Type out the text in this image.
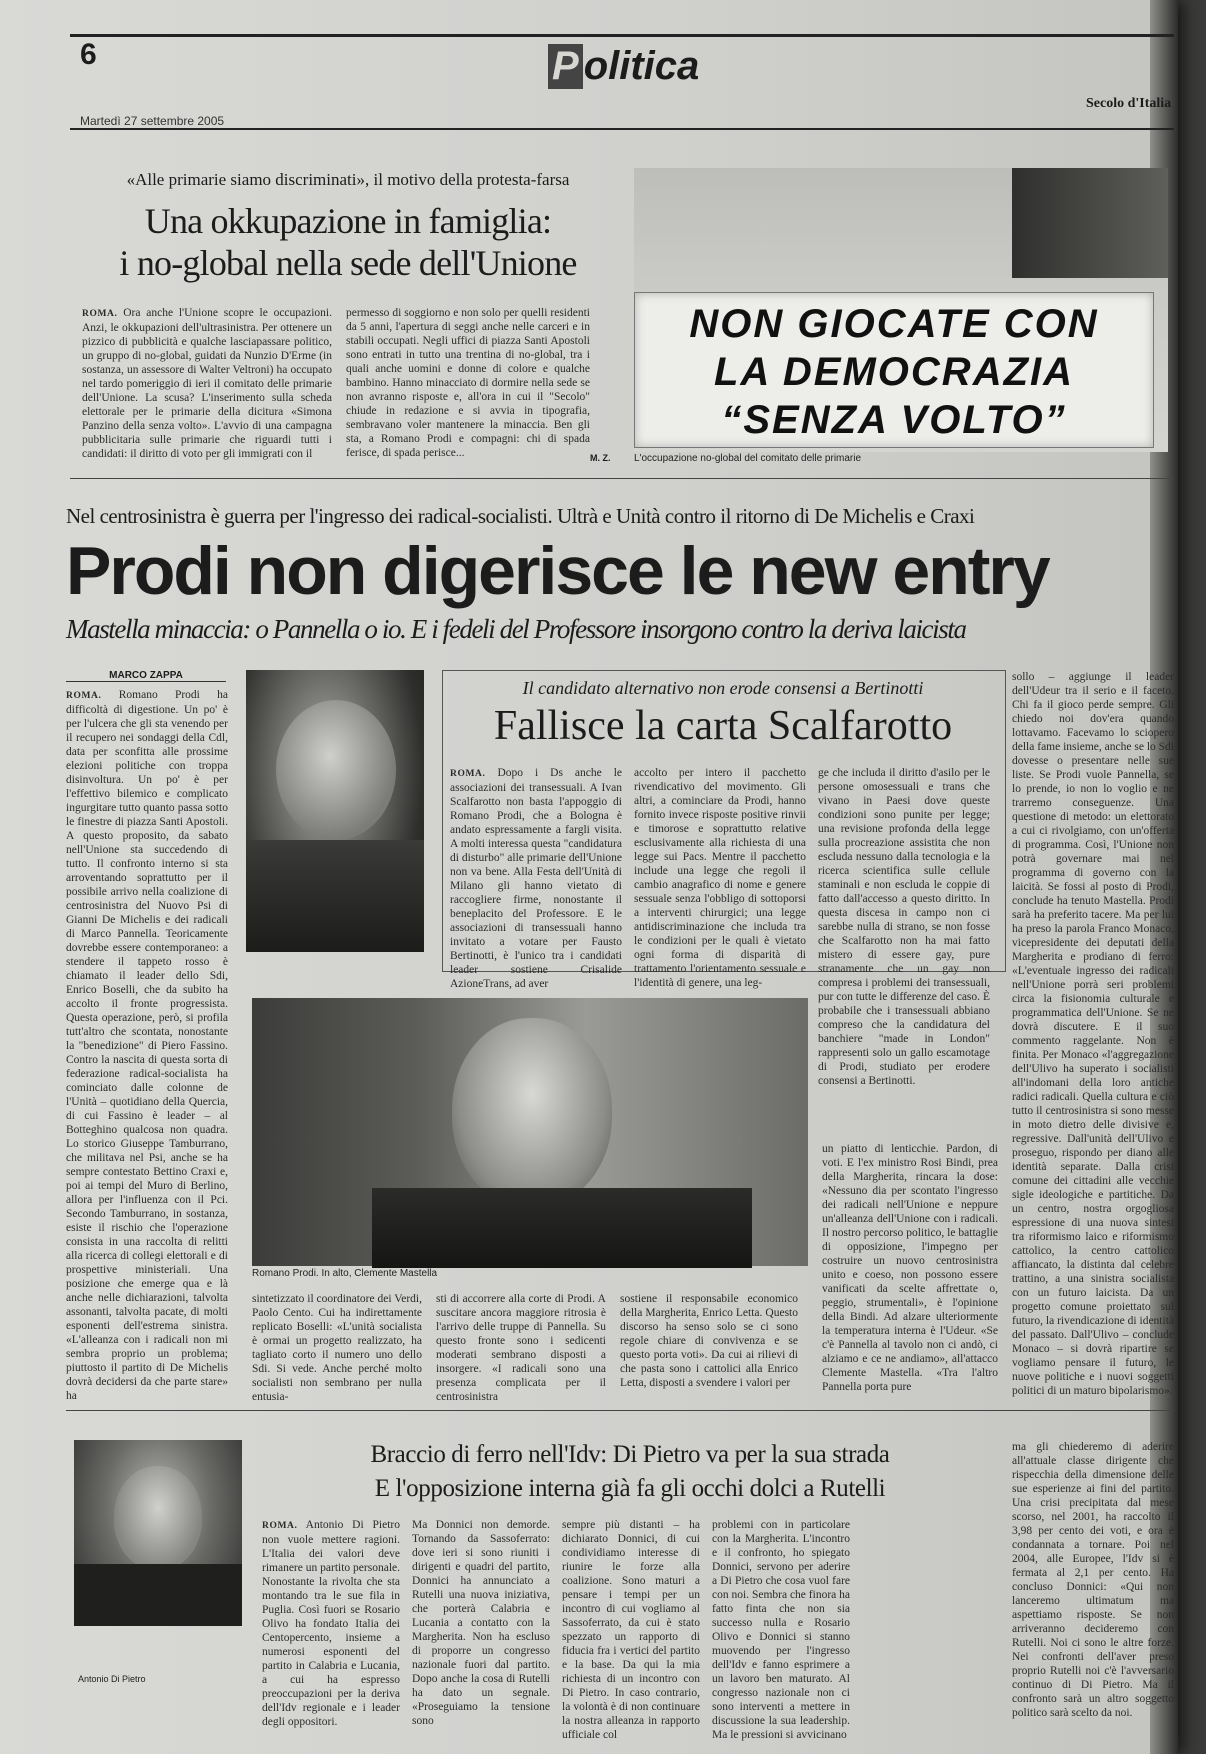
6	P olitica
Martedì 27 settembre 2005
Secolo d'Italia
«Alle primarie siamo discriminati», il motivo della protesta-farsa
Una okkupazione in famiglia:
i no-global nella sede dell'Unione

ROMA. Ora anche l'Unione scopre le occupazioni. Anzi, le okkupazioni dell'ultrasinistra. Per ottenere un pizzico di pubblicità e qualche lasciapassare politico, un gruppo di no-global, guidati da Nunzio D'Erme (in sostanza, un assessore di Walter Veltroni) ha occupato nel tardo pomeriggio di ieri il comitato delle primarie dell'Unione. La scusa? L'inserimento sulla scheda elettorale per le primarie della dicitura «Simona Panzino della senza volto». L'avvio di una campagna pubblicitaria sulle primarie che riguardi tutti i candidati: il diritto di voto per gli immigrati con il

permesso di soggiorno e non solo per quelli residenti da 5 anni, l'apertura di seggi anche nelle carceri e in stabili occupati. Negli uffici di piazza Santi Apostoli sono entrati in tutto una trentina di no-global, tra i quali anche uomini e donne di colore e qualche bambino. Hanno minacciato di dormire nella sede se non avranno risposte e, all'ora in cui il "Secolo" chiude in redazione e si avvia in tipografia, sembravano voler mantenere la minaccia. Ben gli sta, a Romano Prodi e compagni: chi di spada ferisce, di spada perisce...	M. Z.
NON GIOCATE CON
LA DEMOCRAZIA
“SENZA VOLTO”
L'occupazione no-global del comitato delle primarie
Nel centrosinistra è guerra per l'ingresso dei radical-socialisti. Ultrà e Unità contro il ritorno di De Michelis e Craxi
Prodi non digerisce le new entry
Mastella minaccia: o Pannella o io. E i fedeli del Professore insorgono contro la deriva laicista
MARCO ZAPPA

ROMA. Romano Prodi ha difficoltà di digestione. Un po' è per l'ulcera che gli sta venendo per il recupero nei sondaggi della Cdl, data per sconfitta alle prossime elezioni politiche con troppa disinvoltura. Un po' è per l'effettivo bilemico e complicato ingurgitare tutto quanto passa sotto le finestre di piazza Santi Apostoli. A questo proposito, da sabato nell'Unione sta succedendo di tutto. Il confronto interno si sta arroventando soprattutto per il possibile arrivo nella coalizione di centrosinistra del Nuovo Psi di Gianni De Michelis e dei radicali di Marco Pannella. Teoricamente dovrebbe essere contemporaneo: a stendere il tappeto rosso è chiamato il leader dello Sdi, Enrico Boselli, che da subito ha accolto il fronte progressista. Questa operazione, però, si profila tutt'altro che scontata, nonostante la "benedizione" di Piero Fassino. Contro la nascita di questa sorta di federazione radical-socialista ha cominciato dalle colonne de l'Unità – quotidiano della Quercia, di cui Fassino è leader – al Botteghino qualcosa non quadra. Lo storico Giuseppe Tamburrano, che militava nel Psi, anche se ha sempre contestato Bettino Craxi e, poi ai tempi del Muro di Berlino, allora per l'influenza con il Pci. Secondo Tamburrano, in sostanza, esiste il rischio che l'operazione consista in una raccolta di relitti alla ricerca di collegi elettorali e di prospettive ministeriali. Una posizione che emerge qua e là anche nelle dichiarazioni, talvolta assonanti, talvolta pacate, di molti esponenti dell'estrema sinistra. «L'alleanza con i radicali non mi sembra proprio un problema; piuttosto il partito di De Michelis dovrà decidersi da che parte stare» ha

Il candidato alternativo non erode consensi a Bertinotti
Fallisce la carta Scalfarotto

ROMA. Dopo i Ds anche le associazioni dei transessuali. A Ivan Scalfarotto non basta l'appoggio di Romano Prodi, che a Bologna è andato espressamente a fargli visita. A molti interessa questa "candidatura di disturbo" alle primarie dell'Unione non va bene. Alla Festa dell'Unità di Milano gli hanno vietato di raccogliere firme, nonostante il beneplacito del Professore. E le associazioni di transessuali hanno invitato a votare per Fausto Bertinotti, è l'unico tra i candidati leader sostiene Crisalide AzioneTrans, ad aver

accolto per intero il pacchetto rivendicativo del movimento. Gli altri, a cominciare da Prodi, hanno fornito invece risposte positive rinvii e timorose e soprattutto relative esclusivamente alla richiesta di una legge sui Pacs. Mentre il pacchetto include una legge che regoli il cambio anagrafico di nome e genere sessuale senza l'obbligo di sottoporsi a interventi chirurgici; una legge antidiscriminazione che includa tra le condizioni per le quali è vietato ogni forma di disparità di trattamento l'orientamento sessuale e l'identità di genere, una leg-

ge che includa il diritto d'asilo per le persone omosessuali e trans che vivano in Paesi dove queste condizioni sono punite per legge; una revisione profonda della legge sulla procreazione assistita che non escluda nessuno dalla tecnologia e la ricerca scientifica sulle cellule staminali e non escluda le coppie di fatto dall'accesso a questo diritto. In questa discesa in campo non ci sarebbe nulla di strano, se non fosse che Scalfarotto non ha mai fatto mistero di essere gay, pure stranamente che un gay non compresa i problemi dei transessuali, pur con tutte le differenze del caso. È probabile che i transessuali abbiano compreso che la candidatura del banchiere "made in London" rappresenti solo un gallo escamotage di Prodi, studiato per erodere consensi a Bertinotti.

Romano Prodi. In alto, Clemente Mastella

sintetizzato il coordinatore dei Verdi, Paolo Cento. Cui ha indirettamente replicato Boselli: «L'unità socialista è ormai un progetto realizzato, ha tagliato corto il numero uno dello Sdi. Si vede. Anche perché molto socialisti non sembrano per nulla entusia-

sti di accorrere alla corte di Prodi. A suscitare ancora maggiore ritrosia è l'arrivo delle truppe di Pannella. Su questo fronte sono i sedicenti moderati sembrano disposti a insorgere. «I radicali sono una presenza complicata per il centrosinistra

sostiene il responsabile economico della Margherita, Enrico Letta. Questo discorso ha senso solo se ci sono regole chiare di convivenza e se questo porta voti». Da cui ai rilievi di che pasta sono i cattolici alla Enrico Letta, disposti a svendere i valori per

un piatto di lenticchie. Pardon, di voti. E l'ex ministro Rosi Bindi, prea della Margherita, rincara la dose: «Nessuno dia per scontato l'ingresso dei radicali nell'Unione e neppure un'alleanza dell'Unione con i radicali. Il nostro percorso politico, le battaglie di opposizione, l'impegno per costruire un nuovo centrosinistra unito e coeso, non possono essere vanificati da scelte affrettate o, peggio, strumentali», è l'opinione della Bindi. Ad alzare ulteriormente la temperatura interna è l'Udeur. «Se c'è Pannella al tavolo non ci andò, ci alziamo e ce ne andiamo», all'attacco Clemente Mastella. «Tra l'altro Pannella porta pure

sollo – aggiunge il leader dell'Udeur tra il serio e il faceto. Chi fa il gioco perde sempre. Gli chiedo noi dov'era quando lottavamo. Facevamo lo sciopero della fame insieme, anche se lo Sdi dovesse o presentare nelle sue liste. Se Prodi vuole Pannella, se lo prende, io non lo voglio e ne trarremo conseguenze. Una questione di metodo: un elettorato a cui ci rivolgiamo, con un'offerta di programma. Così, l'Unione non potrà governare mai nel programma di governo con la laicità. Se fossi al posto di Prodi, conclude ha tenuto Mastella. Prodi sarà ha preferito tacere. Ma per lui ha preso la parola Franco Monaco, vicepresidente dei deputati della Margherita e prodiano di ferro: «L'eventuale ingresso dei radicali nell'Unione porrà seri problemi circa la fisionomia culturale e programmatica dell'Unione. Se ne dovrà discutere. E il suo commento raggelante. Non è finita. Per Monaco «l'aggregazione dell'Ulivo ha superato i socialisti all'indomani della loro antiche radici radicali. Quella cultura e ciò tutto il centrosinistra si sono messe in moto dietro delle divisive e, regressive. Dall'unità dell'Ulivo e proseguo, rispondo per diano alle identità separate. Dalla crisi comune dei cittadini alle vecchie sigle ideologiche e partitiche. Da un centro, nostra orgogliosa espressione di una nuova sintesi tra riformismo laico e riformismo cattolico, la centro cattolico affiancato, la distinta dal celebre trattino, a una sinistra socialista con un futuro laicista. Da un progetto comune proiettato sul futuro, la rivendicazione di identità del passato. Dall'Ulivo – conclude Monaco – si dovrà ripartire se vogliamo pensare il futuro, le nuove politiche e i nuovi soggetti politici di un maturo bipolarismo».

Antonio Di Pietro
Braccio di ferro nell'Idv: Di Pietro va per la sua strada
E l'opposizione interna già fa gli occhi dolci a Rutelli

ROMA. Antonio Di Pietro non vuole mettere ragioni. L'Italia dei valori deve rimanere un partito personale. Nonostante la rivolta che sta montando tra le sue fila in Puglia. Così fuori se Rosario Olivo ha fondato Italia dei Centopercento, insieme a numerosi esponenti del partito in Calabria e Lucania, a cui ha espresso preoccupazioni per la deriva dell'Idv regionale e i leader degli oppositori.

Ma Donnici non demorde. Tornando da Sassoferrato: dove ieri si sono riuniti i dirigenti e quadri del partito, Donnici ha annunciato a Rutelli una nuova iniziativa, che porterà Calabria e Lucania a contatto con la Margherita. Non ha escluso di proporre un congresso nazionale fuori dal partito. Dopo anche la cosa di Rutelli ha dato un segnale. «Proseguiamo la tensione sono

sempre più distanti – ha dichiarato Donnici, di cui condividiamo interesse di riunire le forze alla coalizione. Sono maturi a pensare i tempi per un incontro di cui vogliamo al Sassoferrato, da cui è stato spezzato un rapporto di fiducia fra i vertici del partito e la base. Da qui la mia richiesta di un incontro con Di Pietro. In caso contrario, la volontà è di non continuare la nostra alleanza in rapporto ufficiale col

problemi con in particolare con la Margherita. L'incontro e il confronto, ho spiegato Donnici, servono per aderire a Di Pietro che cosa vuol fare con noi. Sembra che finora ha fatto finta che non sia successo nulla e Rosario Olivo e Donnici si stanno muovendo per l'ingresso dell'Idv e fanno esprimere a un lavoro ben maturato. Al congresso nazionale non ci sono interventi a mettere in discussione la sua leadership. Ma le pressioni si avvicinano

ma gli chiederemo di aderire all'attuale classe dirigente che rispecchia della dimensione delle sue esperienze ai fini del partito. Una crisi precipitata dal mese scorso, nel 2001, ha raccolto il 3,98 per cento dei voti, e ora è condannata a tornare. Poi nel 2004, alle Europee, l'Idv si è fermata al 2,1 per cento. Ha concluso Donnici: «Qui non lanceremo ultimatum ma aspettiamo risposte. Se non arriveranno decideremo con Rutelli. Noi ci sono le altre forze. Nei confronti dell'aver preso proprio Rutelli noi c'è l'avversario continuo di Di Pietro. Ma il confronto sarà un altro soggetto politico sarà scelto da noi.
